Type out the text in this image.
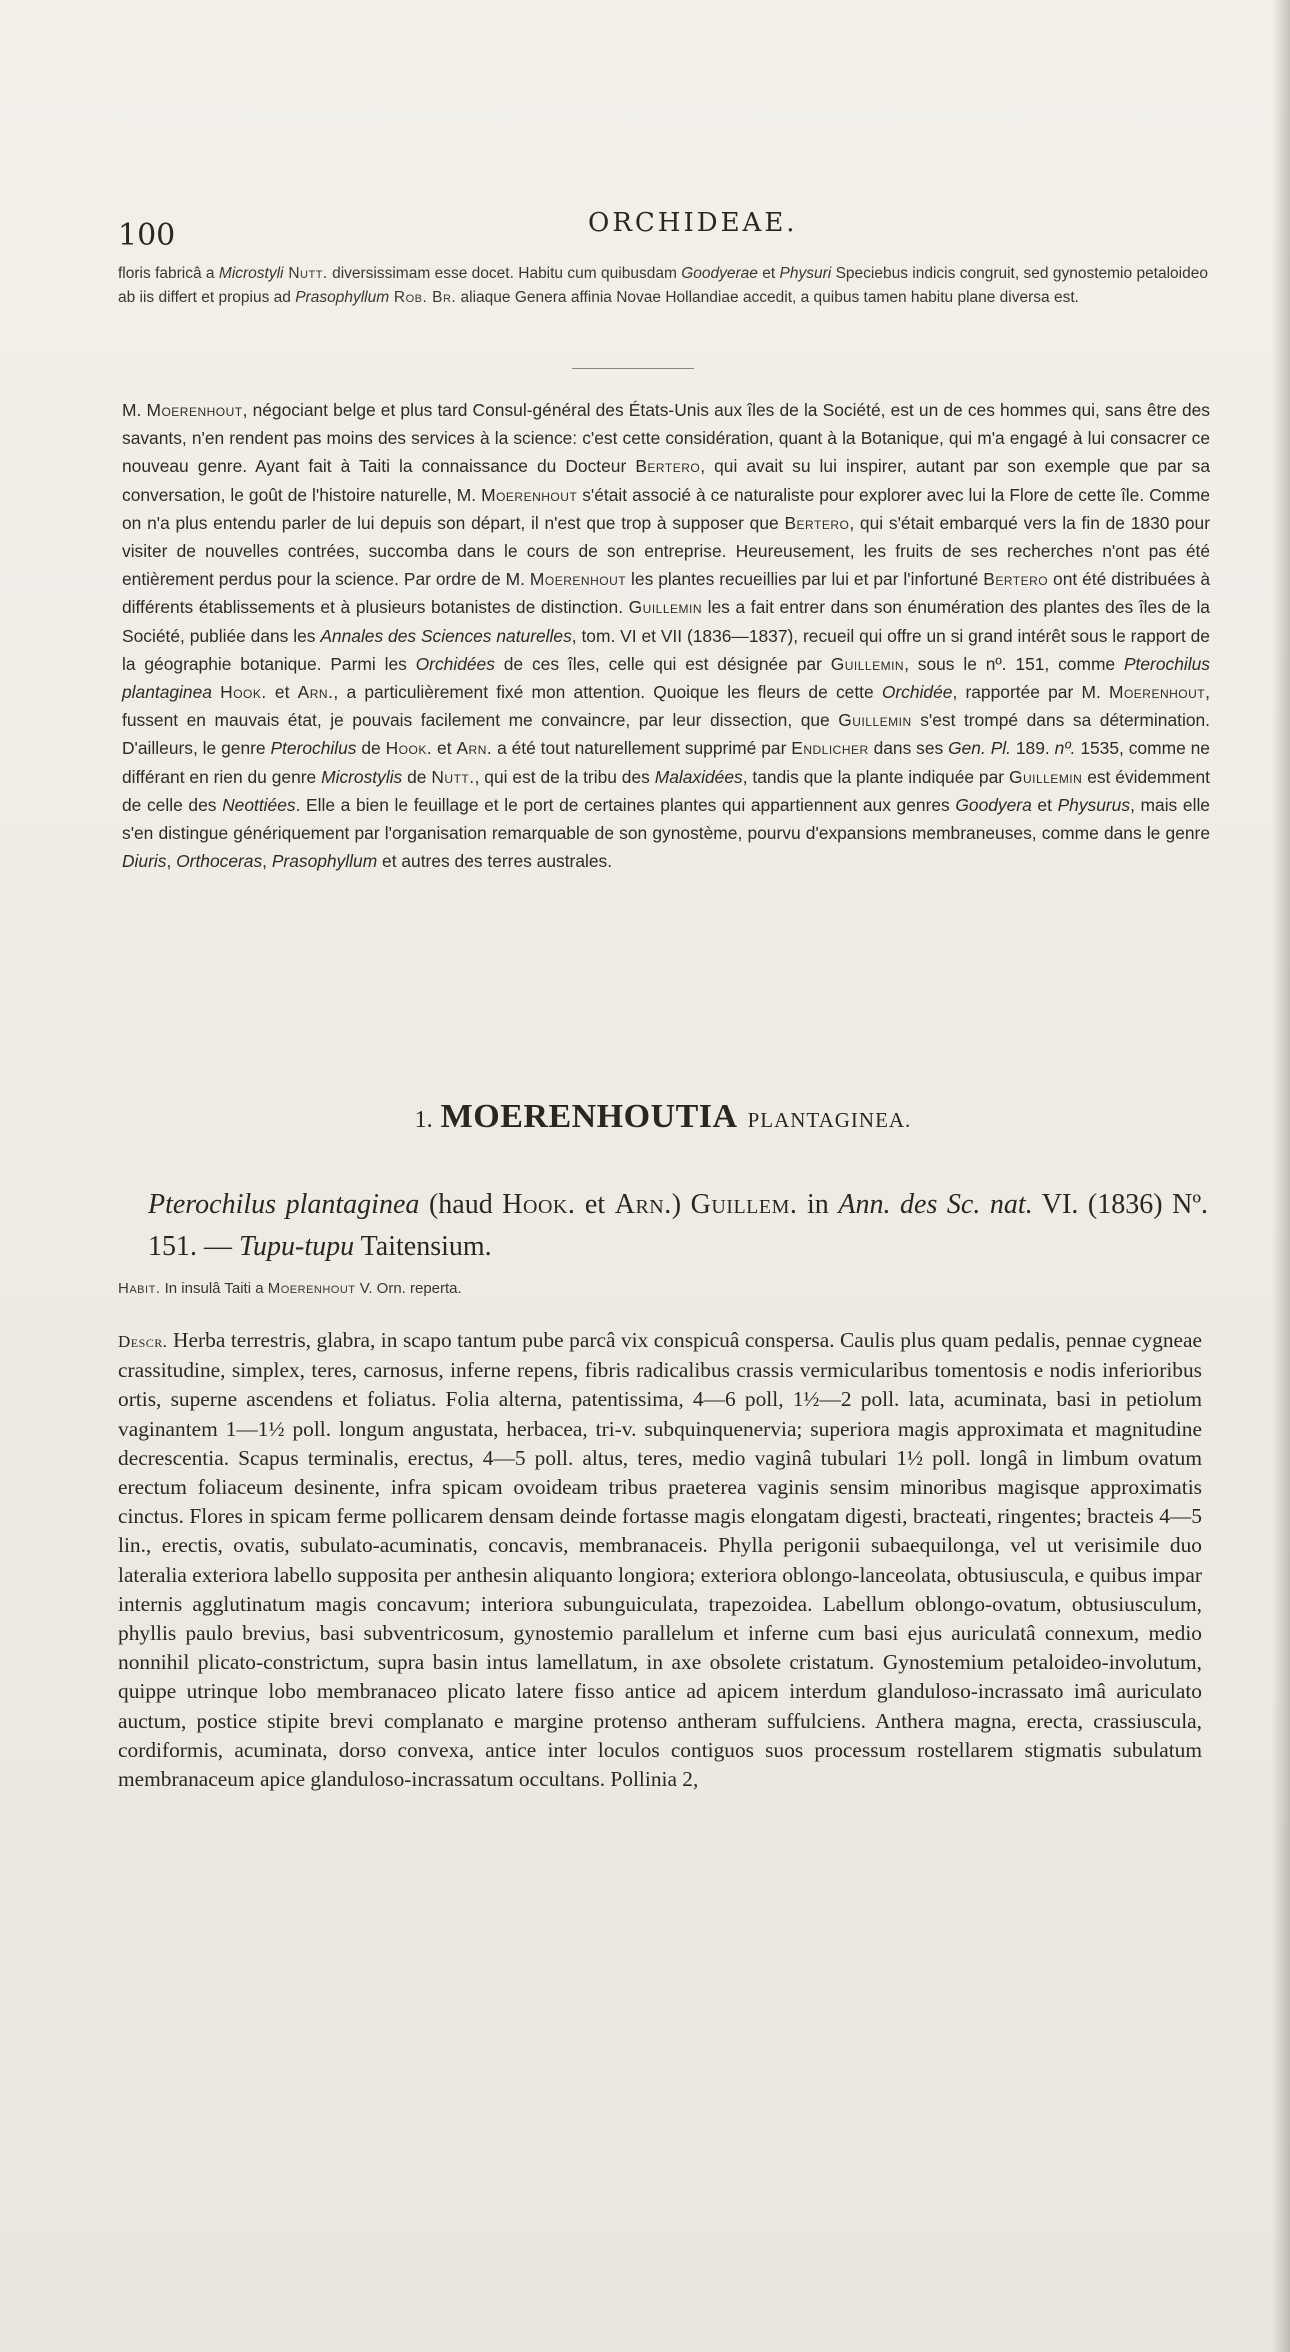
100	ORCHIDEAE.
floris fabricâ a Microstyli Nutt. diversissimam esse docet. Habitu cum quibusdam Goodyerae et Physuri Speciebus indicis congruit, sed gynostemio petaloideo ab iis differt et propius ad Prasophyllum Rob. Br. aliaque Genera affinia Novae Hollandiae accedit, a quibus tamen habitu plane diversa est.
M. Moerenhout, négociant belge et plus tard Consul-général des États-Unis aux îles de la Société, est un de ces hommes qui, sans être des savants, n'en rendent pas moins des services à la science: c'est cette considération, quant à la Botanique, qui m'a engagé à lui consacrer ce nouveau genre. Ayant fait à Taiti la connaissance du Docteur Bertero, qui avait su lui inspirer, autant par son exemple que par sa conversation, le goût de l'histoire naturelle, M. Moerenhout s'était associé à ce naturaliste pour explorer avec lui la Flore de cette île. Comme on n'a plus entendu parler de lui depuis son départ, il n'est que trop à supposer que Bertero, qui s'était embarqué vers la fin de 1830 pour visiter de nouvelles contrées, succomba dans le cours de son entreprise. Heureusement, les fruits de ses recherches n'ont pas été entièrement perdus pour la science. Par ordre de M. Moerenhout les plantes recueillies par lui et par l'infortuné Bertero ont été distribuées à différents établissements et à plusieurs botanistes de distinction. Guillemin les a fait entrer dans son énumération des plantes des îles de la Société, publiée dans les Annales des Sciences naturelles, tom. VI et VII (1836—1837), recueil qui offre un si grand intérêt sous le rapport de la géographie botanique. Parmi les Orchidées de ces îles, celle qui est désignée par Guillemin, sous le nº. 151, comme Pterochilus plantaginea Hook. et Arn., a particulièrement fixé mon attention. Quoique les fleurs de cette Orchidée, rapportée par M. Moerenhout, fussent en mauvais état, je pouvais facilement me convaincre, par leur dissection, que Guillemin s'est trompé dans sa détermination. D'ailleurs, le genre Pterochilus de Hook. et Arn. a été tout naturellement supprimé par Endlicher dans ses Gen. Pl. 189. nº. 1535, comme ne différant en rien du genre Microstylis de Nutt., qui est de la tribu des Malaxidées, tandis que la plante indiquée par Guillemin est évidemment de celle des Neottiées. Elle a bien le feuillage et le port de certaines plantes qui appartiennent aux genres Goodyera et Physurus, mais elle s'en distingue génériquement par l'organisation remarquable de son gynostème, pourvu d'expansions membraneuses, comme dans le genre Diuris, Orthoceras, Prasophyllum et autres des terres australes.
1. MOERENHOUTIA PLANTAGINEA.
Pterochilus plantaginea (haud Hook. et Arn.) Guillem. in Ann. des Sc. nat. VI. (1836) Nº. 151. — Tupu-tupu Taitensium.
Habit. In insulâ Taiti a Moerenhout V. Orn. reperta.
Descr. Herba terrestris, glabra, in scapo tantum pube parcâ vix conspicuâ conspersa. Caulis plus quam pedalis, pennae cygneae crassitudine, simplex, teres, carnosus, inferne repens, fibris radicalibus crassis vermicularibus tomentosis e nodis inferioribus ortis, superne ascendens et foliatus. Folia alterna, patentissima, 4—6 poll, 1½—2 poll. lata, acuminata, basi in petiolum vaginantem 1—1½ poll. longum angustata, herbacea, tri-v. subquinquenervia; superiora magis approximata et magnitudine decrescentia. Scapus terminalis, erectus, 4—5 poll. altus, teres, medio vaginâ tubulari 1½ poll. longâ in limbum ovatum erectum foliaceum desinente, infra spicam ovoideam tribus praeterea vaginis sensim minoribus magisque approximatis cinctus. Flores in spicam ferme pollicarem densam deinde fortasse magis elongatam digesti, bracteati, ringentes; bracteis 4—5 lin., erectis, ovatis, subulato-acuminatis, concavis, membranaceis. Phylla perigonii subaequilonga, vel ut verisimile duo lateralia exteriora labello supposita per anthesin aliquanto longiora; exteriora oblongo-lanceolata, obtusiuscula, e quibus impar internis agglutinatum magis concavum; interiora subunguiculata, trapezoidea. Labellum oblongo-ovatum, obtusiusculum, phyllis paulo brevius, basi subventricosum, gynostemio parallelum et inferne cum basi ejus auriculatâ connexum, medio nonnihil plicato-constrictum, supra basin intus lamellatum, in axe obsolete cristatum. Gynostemium petaloideo-involutum, quippe utrinque lobo membranaceo plicato latere fisso antice ad apicem interdum glanduloso-incrassato imâ auriculato auctum, postice stipite brevi complanato e margine protenso antheram suffulciens. Anthera magna, erecta, crassiuscula, cordiformis, acuminata, dorso convexa, antice inter loculos contiguos suos processum rostellarem stigmatis subulatum membranaceum apice glanduloso-incrassatum occultans. Pollinia 2,
